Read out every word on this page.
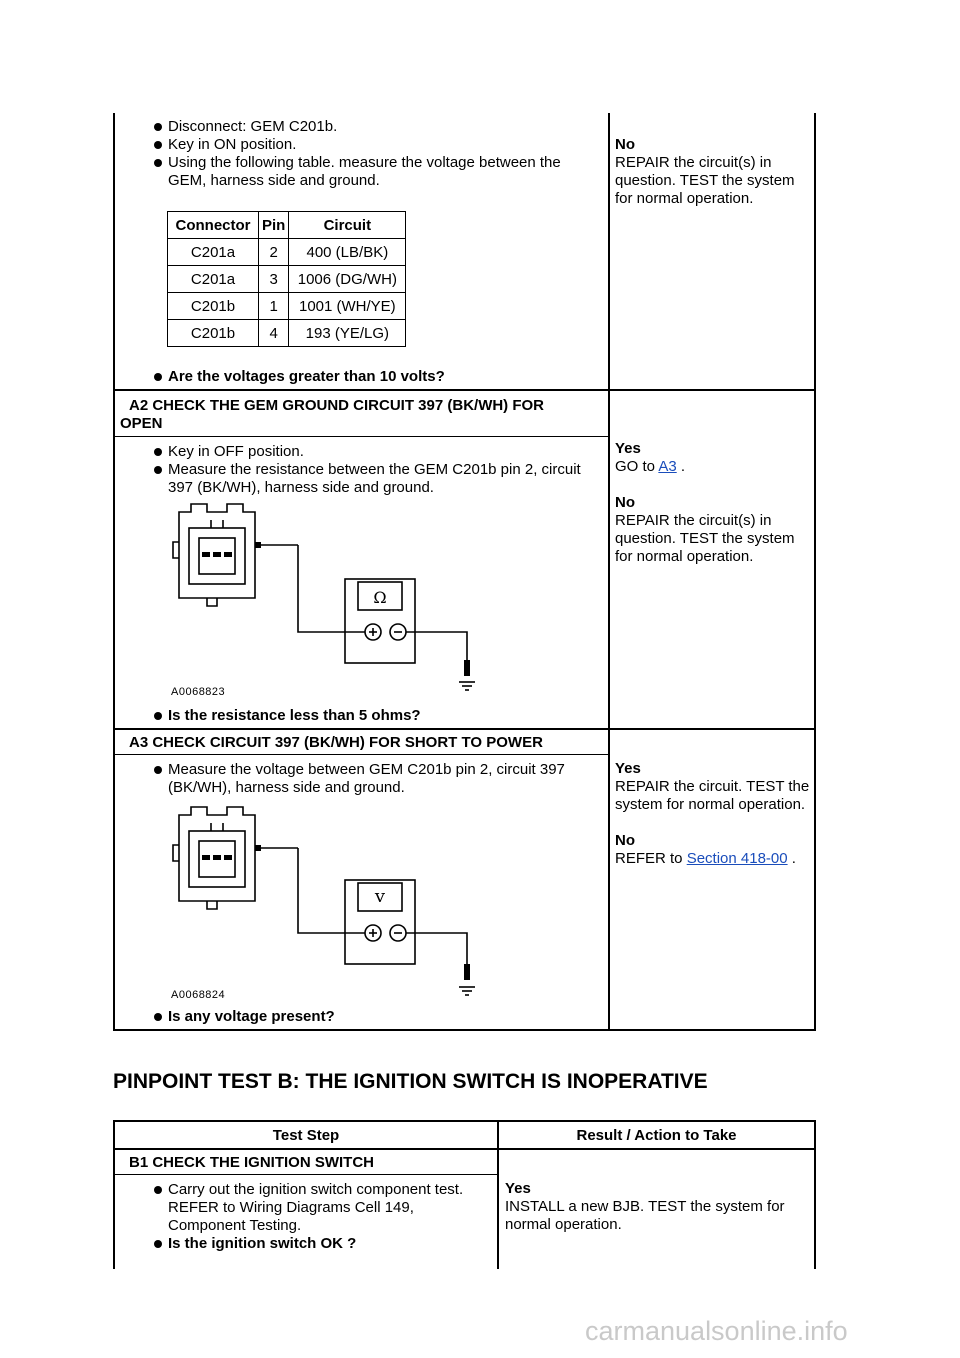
Disconnect: GEM C201b.
Key in ON position.
Using the following table. measure the voltage between the GEM, harness side and ground.
Connector	Pin	Circuit
C201a	2	400 (LB/BK)
C201a	3	1006 (DG/WH)
C201b	1	1001 (WH/YE)
C201b	4	193 (YE/LG)
Are the voltages greater than 10 volts?
No
REPAIR the circuit(s) in question. TEST the system for normal operation.
A2 CHECK THE GEM GROUND CIRCUIT 397 (BK/WH) FOR OPEN
Key in OFF position.
Measure the resistance between the GEM C201b pin 2, circuit 397 (BK/WH), harness side and ground.
Ω
A0068823
Is the resistance less than 5 ohms?
Yes
GO to A3 .
No
REPAIR the circuit(s) in question. TEST the system for normal operation.
A3 CHECK CIRCUIT 397 (BK/WH) FOR SHORT TO POWER
Measure the voltage between GEM C201b pin 2, circuit 397 (BK/WH), harness side and ground.
v
A0068824
Is any voltage present?
Yes
REPAIR the circuit. TEST the system for normal operation.
No
REFER to Section 418-00 .
PINPOINT TEST B: THE IGNITION SWITCH IS INOPERATIVE
Test Step	Result / Action to Take
B1 CHECK THE IGNITION SWITCH
Carry out the ignition switch component test. REFER to Wiring Diagrams Cell 149, Component Testing.
Is the ignition switch OK ?
Yes
INSTALL a new BJB. TEST the system for normal operation.
carmanualsonline.info
